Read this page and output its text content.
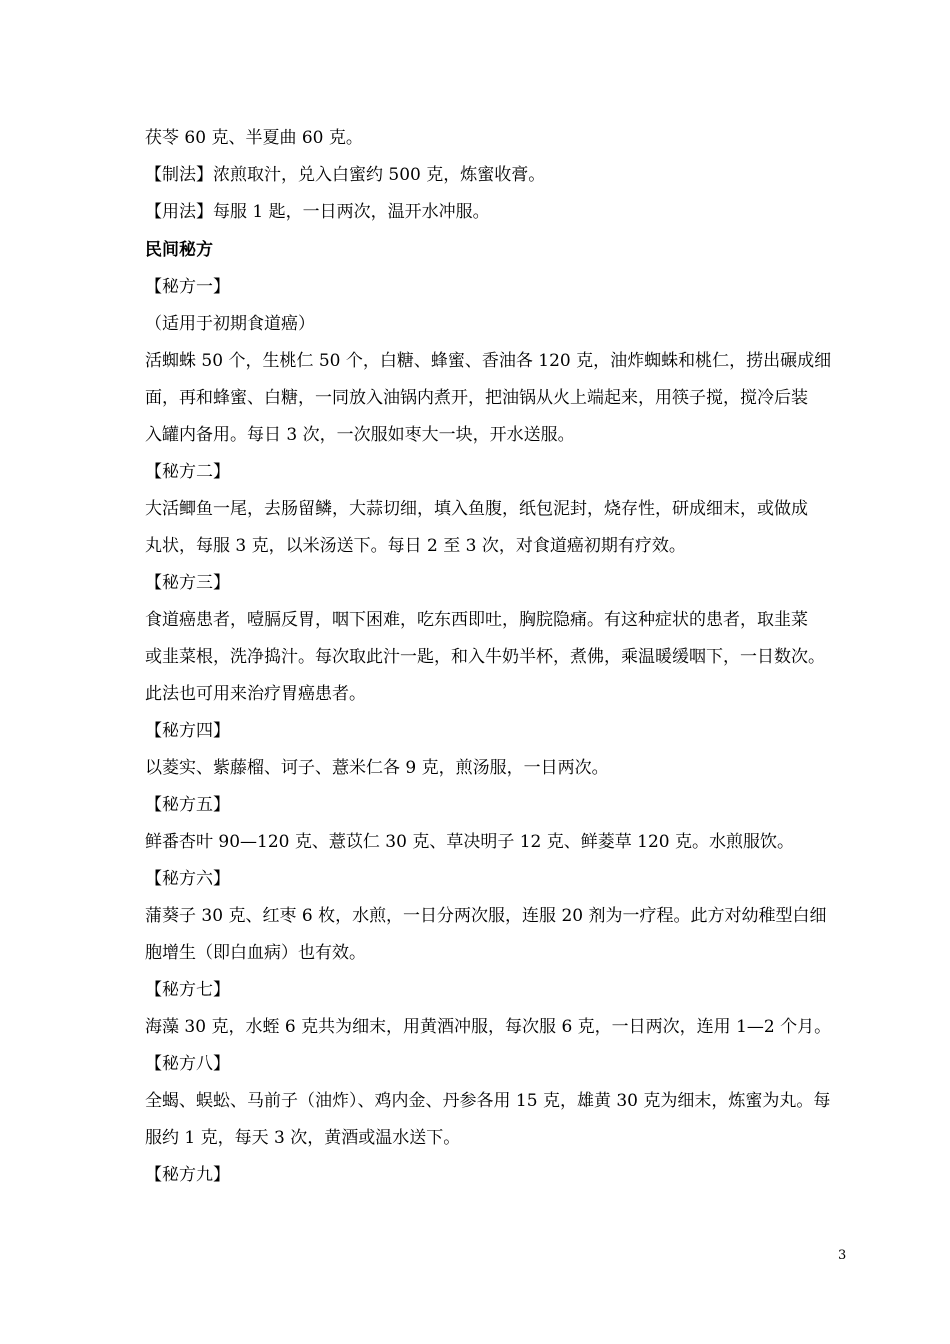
茯苓 60 克、半夏曲 60 克。

【制法】浓煎取汁，兑入白蜜约 500 克，炼蜜收膏。

【用法】每服 1 匙，一日两次，温开水冲服。

民间秘方

【秘方一】

（适用于初期食道癌）

活蜘蛛 50 个，生桃仁 50 个，白糖、蜂蜜、香油各 120 克，油炸蜘蛛和桃仁，捞出碾成细

面，再和蜂蜜、白糖，一同放入油锅内煮开，把油锅从火上端起来，用筷子搅，搅冷后装

入罐内备用。每日 3 次，一次服如枣大一块，开水送服。

【秘方二】

大活鲫鱼一尾，去肠留鳞，大蒜切细，填入鱼腹，纸包泥封，烧存性，研成细末，或做成

丸状，每服 3 克，以米汤送下。每日 2 至 3 次，对食道癌初期有疗效。

【秘方三】

食道癌患者，噎膈反胃，咽下困难，吃东西即吐，胸脘隐痛。有这种症状的患者，取韭菜

或韭菜根，洗净捣汁。每次取此汁一匙，和入牛奶半杯，煮佛，乘温暖缓咽下，一日数次。

此法也可用来治疗胃癌患者。

【秘方四】

以菱实、紫藤榴、诃子、薏米仁各 9 克，煎汤服，一日两次。

【秘方五】

鲜番杏叶 90—120 克、薏苡仁 30 克、草决明子 12 克、鲜菱草 120 克。水煎服饮。

【秘方六】

蒲葵子 30 克、红枣 6 枚，水煎，一日分两次服，连服 20 剂为一疗程。此方对幼稚型白细

胞增生（即白血病）也有效。

【秘方七】

海藻 30 克，水蛭 6 克共为细末，用黄酒冲服，每次服 6 克，一日两次，连用 1—2 个月。

【秘方八】

全蝎、蜈蚣、马前子（油炸）、鸡内金、丹参各用 15 克，雄黄 30 克为细末，炼蜜为丸。每

服约 1 克，每天 3 次，黄酒或温水送下。

【秘方九】

3
